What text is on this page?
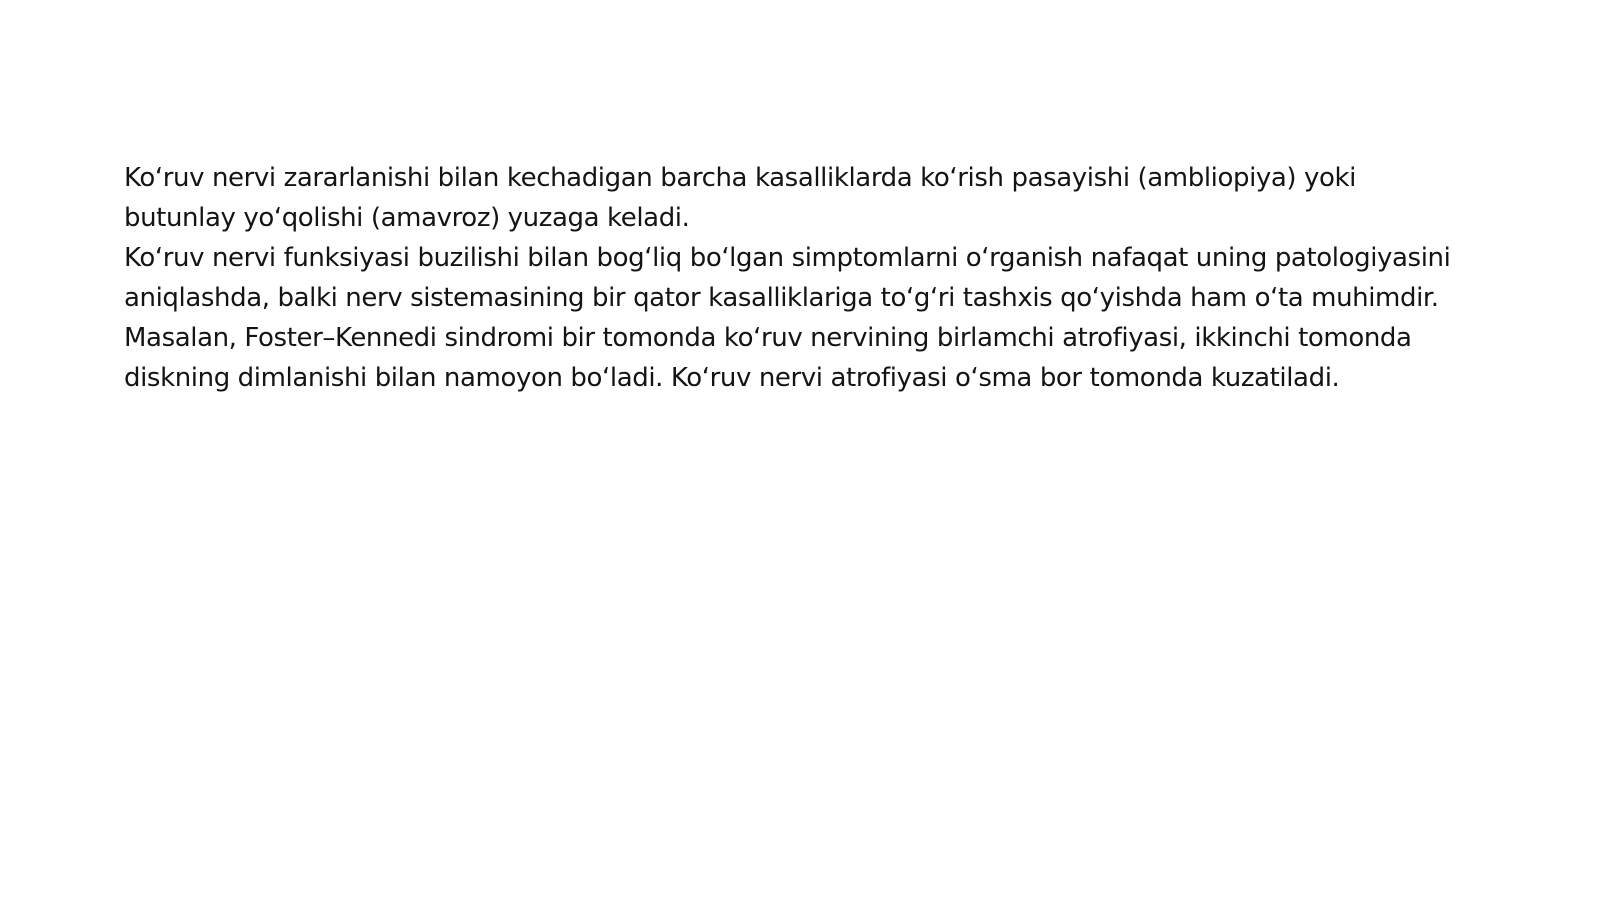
Ko‘ruv nervi zararlanishi bilan kechadigan barcha kasalliklarda ko‘rish pasayishi (ambliopiya) yoki butunlay yo‘qolishi (amavroz) yuzaga keladi.

Ko‘ruv nervi funksiyasi buzilishi bilan bog‘liq bo‘lgan simptomlarni o‘rganish nafaqat uning patologiyasini aniqlashda, balki nerv sistemasining bir qator kasalliklariga to‘g‘ri tashxis qo‘yishda ham o‘ta muhimdir. Masalan, Foster–Kennedi sindromi bir tomonda ko‘ruv nervining birlamchi atrofiyasi, ikkinchi tomonda diskning dimlanishi bilan namoyon bo‘ladi. Ko‘ruv nervi atrofiyasi o‘sma bor tomonda kuzatiladi.
